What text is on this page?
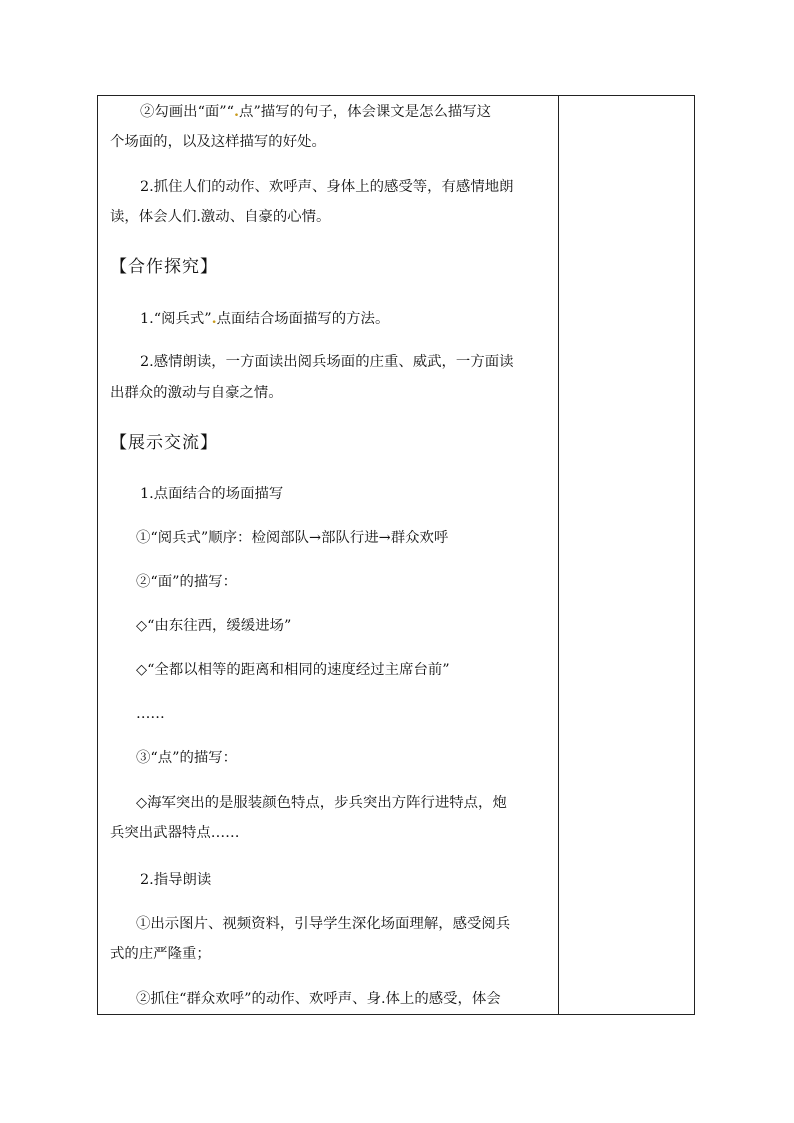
②勾画出“面”“.点”描写的句子，体会课文是怎么描写这
个场面的，以及这样描写的好处。
2.抓住人们的动作、欢呼声、身体上的感受等，有感情地朗
读，体会人们.激动、自豪的心情。
【合作探究】
1.“阅兵式”.点面结合场面描写的方法。
2.感情朗读，一方面读出阅兵场面的庄重、威武，一方面读
出群众的激动与自豪之情。
【展示交流】
1.点面结合的场面描写
①“阅兵式”顺序：检阅部队→部队行进→群众欢呼
②“面”的描写：
◇“由东往西，缓缓进场”
◇“全都以相等的距离和相同的速度经过主席台前”
……
③“点”的描写：
◇海军突出的是服装颜色特点，步兵突出方阵行进特点，炮
兵突出武器特点……
2.指导朗读
①出示图片、视频资料，引导学生深化场面理解，感受阅兵
式的庄严隆重；
②抓住“群众欢呼”的动作、欢呼声、身.体上的感受，体会
